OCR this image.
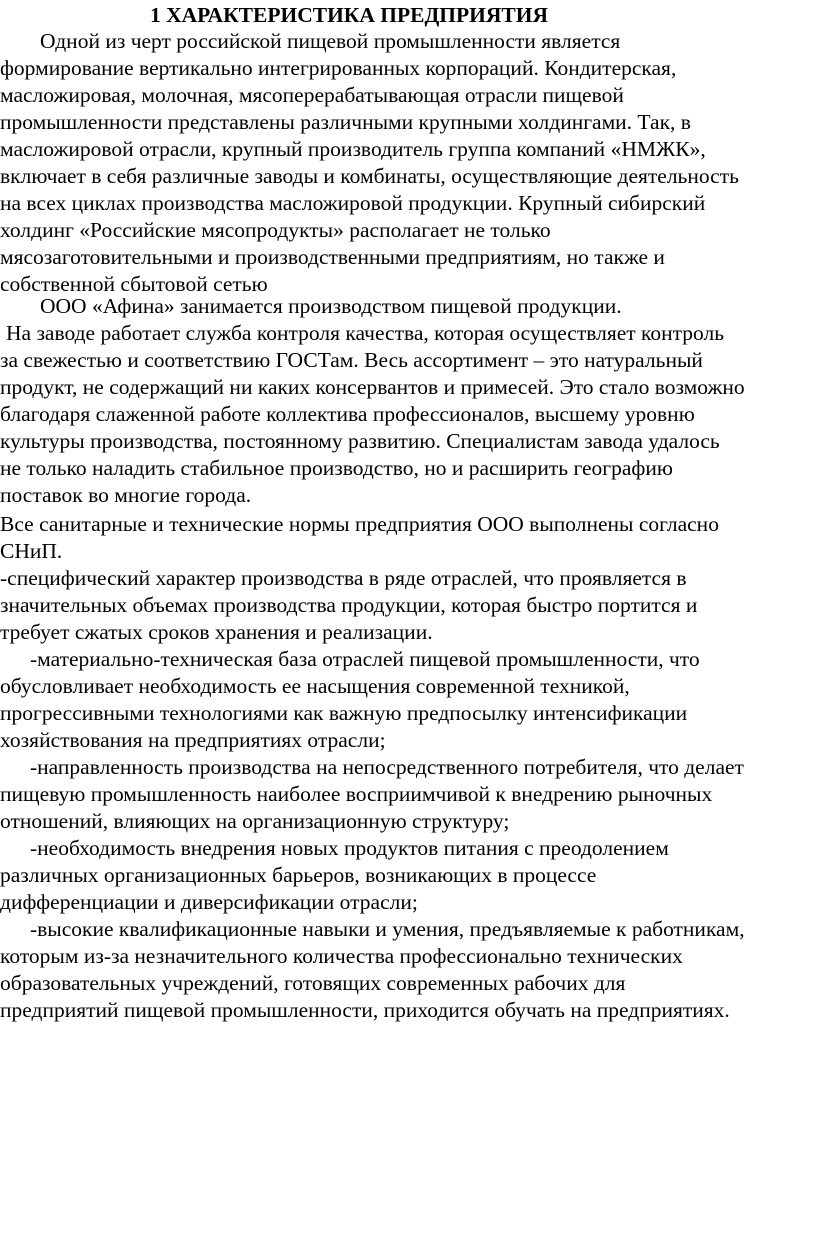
1 ХАРАКТЕРИСТИКА ПРЕДПРИЯТИЯ
Одной из черт российской пищевой промышленности является
формирование вертикально интегрированных корпораций. Кондитерская,
масложировая, молочная, мясоперерабатывающая отрасли пищевой
промышленности представлены различными крупными холдингами. Так, в
масложировой отрасли, крупный производитель группа компаний «НМЖК»,
включает в себя различные заводы и комбинаты, осуществляющие деятельность
на всех циклах производства масложировой продукции. Крупный сибирский
холдинг «Российские мясопродукты» располагает не только
мясозаготовительными и производственными предприятиям, но также и
собственной сбытовой сетью
ООО «Афина» занимается производством пищевой продукции.
На заводе работает служба контроля качества, которая осуществляет контроль
за свежестью и соответствию ГОСТам. Весь ассортимент – это натуральный
продукт, не содержащий ни каких консервантов и примесей. Это стало возможно
благодаря слаженной работе коллектива профессионалов, высшему уровню
культуры производства, постоянному развитию. Специалистам завода удалось
не только наладить стабильное производство, но и расширить географию
поставок во многие города.
Все санитарные и технические нормы предприятия ООО выполнены согласно
СНиП.
-специфический характер производства в ряде отраслей, что проявляется в
значительных объемах производства продукции, которая быстро портится и
требует сжатых сроков хранения и реализации.
-материально-техническая база отраслей пищевой промышленности, что
обусловливает необходимость ее насыщения современной техникой,
прогрессивными технологиями как важную предпосылку интенсификации
хозяйствования на предприятиях отрасли;
-направленность производства на непосредственного потребителя, что делает
пищевую промышленность наиболее восприимчивой к внедрению рыночных
отношений, влияющих на организационную структуру;
-необходимость внедрения новых продуктов питания с преодолением
различных организационных барьеров, возникающих в процессе
дифференциации и диверсификации отрасли;
-высокие квалификационные навыки и умения, предъявляемые к работникам,
которым из-за незначительного количества профессионально технических
образовательных учреждений, готовящих современных рабочих для
предприятий пищевой промышленности, приходится обучать на предприятиях.
